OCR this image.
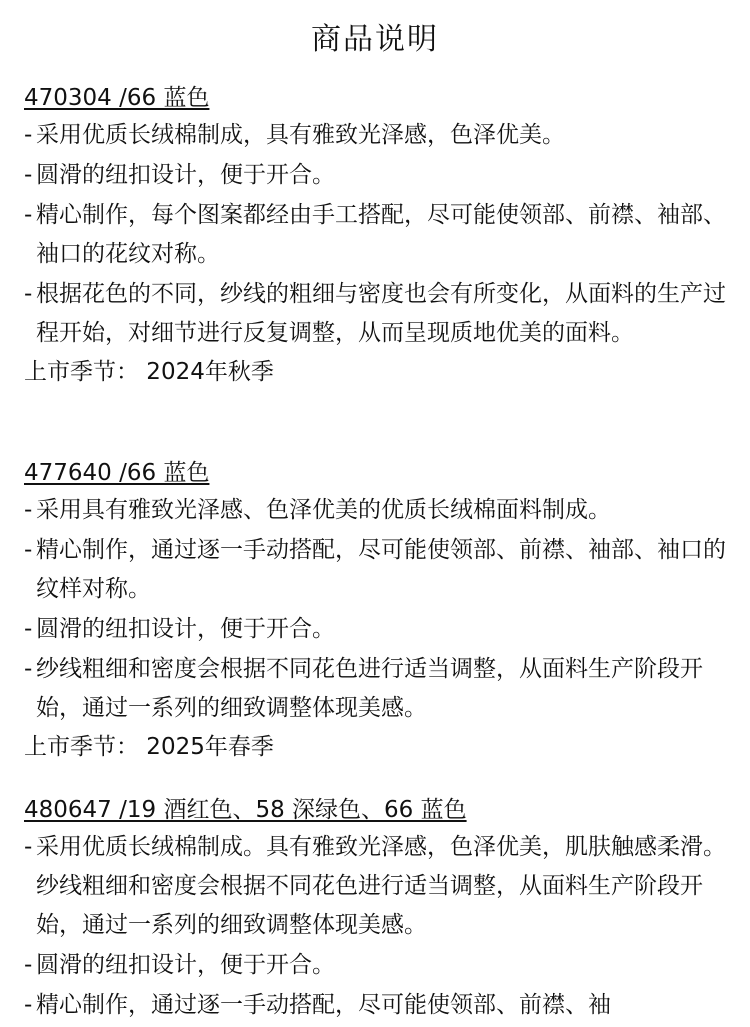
商品说明
470304 /66 蓝色
- 采用优质长绒棉制成，具有雅致光泽感，色泽优美。
- 圆滑的纽扣设计，便于开合。
- 精心制作，每个图案都经由手工搭配，尽可能使领部、前襟、袖部、袖口的花纹对称。
- 根据花色的不同，纱线的粗细与密度也会有所变化，从面料的生产过程开始，对细节进行反复调整，从而呈现质地优美的面料。
上市季节： 2024年秋季
477640 /66 蓝色
- 采用具有雅致光泽感、色泽优美的优质长绒棉面料制成。
- 精心制作，通过逐一手动搭配，尽可能使领部、前襟、袖部、袖口的纹样对称。
- 圆滑的纽扣设计，便于开合。
- 纱线粗细和密度会根据不同花色进行适当调整，从面料生产阶段开始，通过一系列的细致调整体现美感。
上市季节： 2025年春季
480647 /19 酒红色、58 深绿色、66 蓝色
- 采用优质长绒棉制成。具有雅致光泽感，色泽优美，肌肤触感柔滑。纱线粗细和密度会根据不同花色进行适当调整，从面料生产阶段开始，通过一系列的细致调整体现美感。
- 圆滑的纽扣设计，便于开合。
- 精心制作，通过逐一手动搭配，尽可能使领部、前襟、袖
